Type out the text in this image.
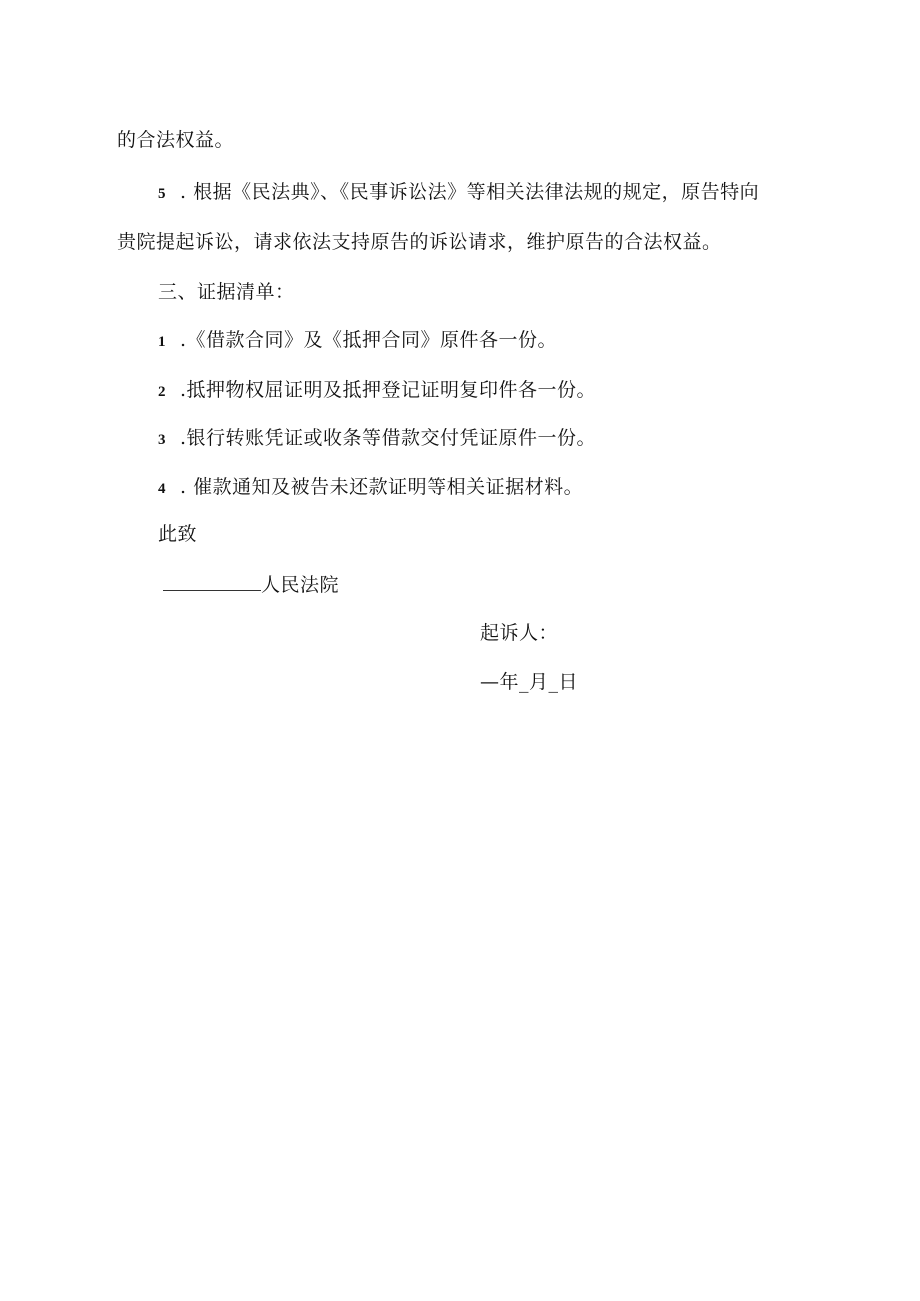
的合法权益。
5 . 根据《民法典》、《民事诉讼法》等相关法律法规的规定，原告特向
贵院提起诉讼，请求依法支持原告的诉讼请求，维护原告的合法权益。
三、证据清单：
1 .《借款合同》及《抵押合同》原件各一份。
2 .抵押物权屈证明及抵押登记证明复印件各一份。
3 .银行转账凭证或收条等借款交付凭证原件一份。
4 . 催款通知及被告未还款证明等相关证据材料。
此致
人民法院
起诉人：
—年_月_日
